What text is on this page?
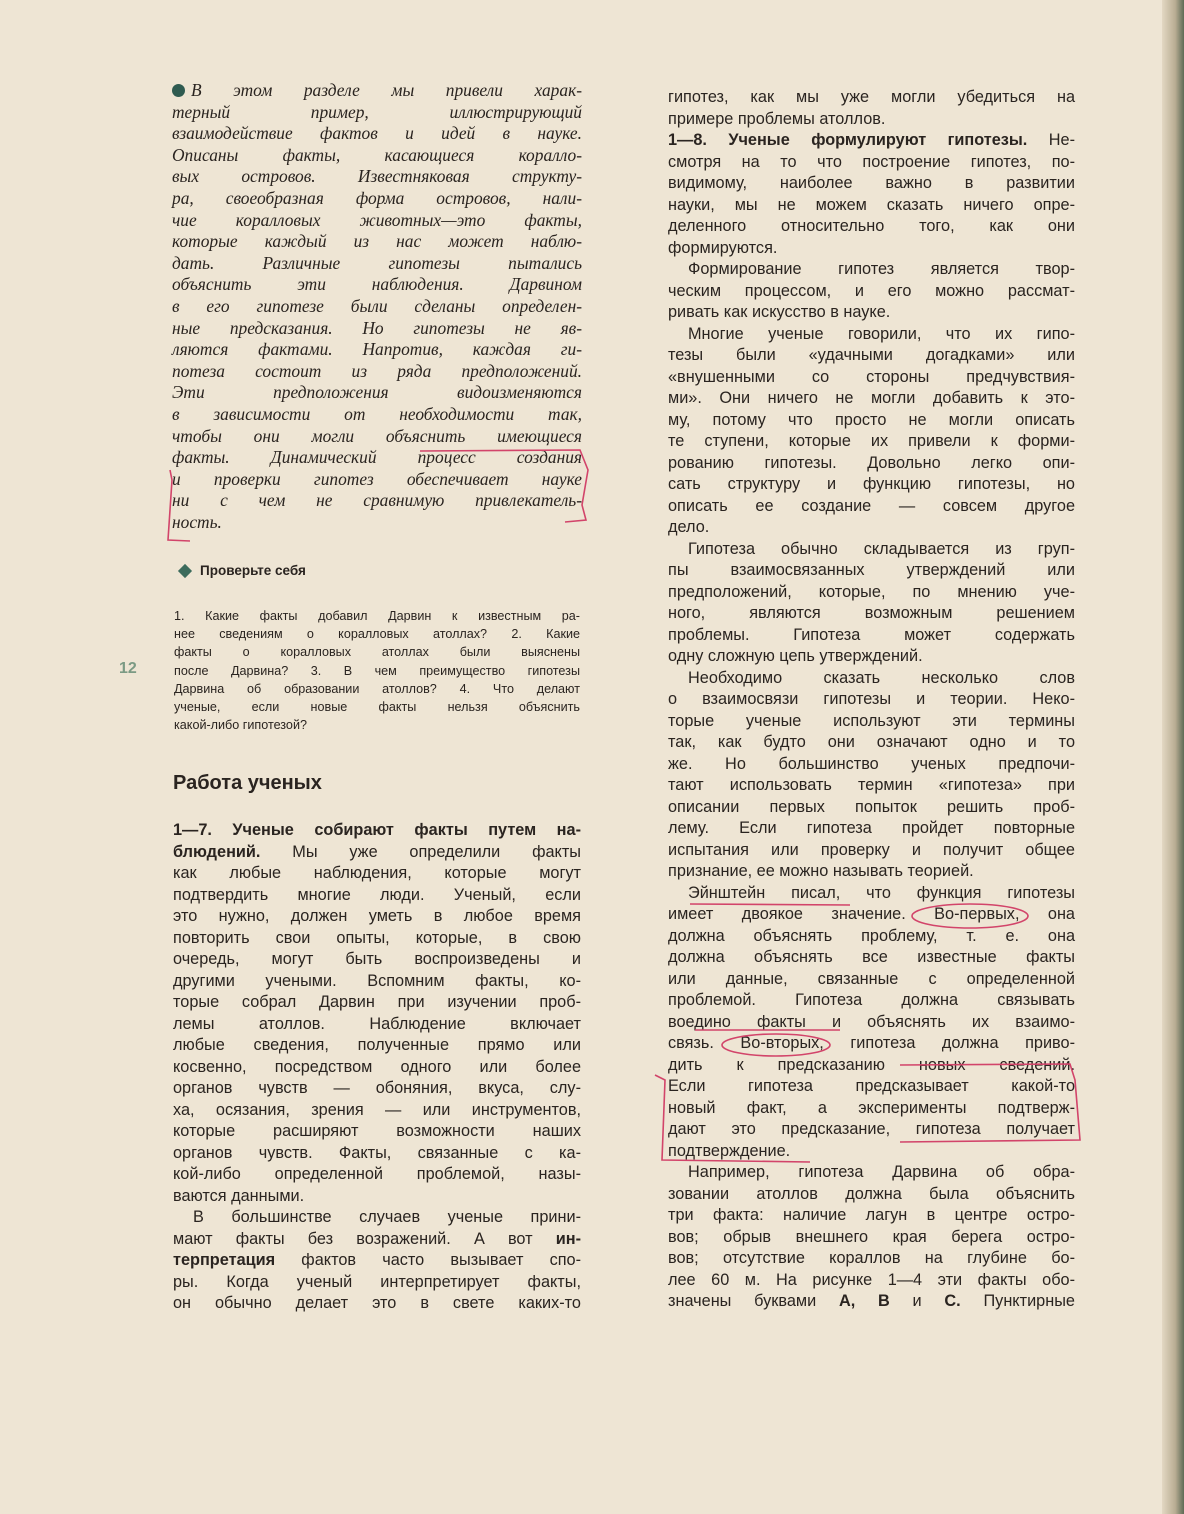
В этом разделе мы привели харак-
терный пример, иллюстрирующий
взаимодействие фактов и идей в науке.
Описаны факты, касающиеся коралло-
вых островов. Известняковая структу-
ра, своеобразная форма островов, нали-
чие коралловых животных—это факты,
которые каждый из нас может наблю-
дать. Различные гипотезы пытались
объяснить эти наблюдения. Дарвином
в его гипотезе были сделаны определен-
ные предсказания. Но гипотезы не яв-
ляются фактами. Напротив, каждая ги-
потеза состоит из ряда предположений.
Эти предположения видоизменяются
в зависимости от необходимости так,
чтобы они могли объяснить имеющиеся
факты. Динамический процесс создания
и проверки гипотез обеспечивает науке
ни с чем не сравнимую привлекатель-
ность.
Проверьте себя
1. Какие факты добавил Дарвин к известным ра-
нее сведениям о коралловых атоллах? 2. Какие
факты о коралловых атоллах были выяснены
после Дарвина? 3. В чем преимущество гипотезы
Дарвина об образовании атоллов? 4. Что делают
ученые, если новые факты нельзя объяснить
какой-либо гипотезой?
12
Работа ученых
1—7. Ученые собирают факты путем на-
блюдений. Мы уже определили факты
как любые наблюдения, которые могут
подтвердить многие люди. Ученый, если
это нужно, должен уметь в любое время
повторить свои опыты, которые, в свою
очередь, могут быть воспроизведены и
другими учеными. Вспомним факты, ко-
торые собрал Дарвин при изучении проб-
лемы атоллов. Наблюдение включает
любые сведения, полученные прямо или
косвенно, посредством одного или более
органов чувств — обоняния, вкуса, слу-
ха, осязания, зрения — или инструментов,
которые расширяют возможности наших
органов чувств. Факты, связанные с ка-
кой-либо определенной проблемой, назы-
ваются данными.
В большинстве случаев ученые прини-
мают факты без возражений. А вот ин-
терпретация фактов часто вызывает спо-
ры. Когда ученый интерпретирует факты,
он обычно делает это в свете каких-то
гипотез, как мы уже могли убедиться на
примере проблемы атоллов.
1—8. Ученые формулируют гипотезы. Не-
смотря на то что построение гипотез, по-
видимому, наиболее важно в развитии
науки, мы не можем сказать ничего опре-
деленного относительно того, как они
формируются.
Формирование гипотез является твор-
ческим процессом, и его можно рассмат-
ривать как искусство в науке.
Многие ученые говорили, что их гипо-
тезы были «удачными догадками» или
«внушенными со стороны предчувствия-
ми». Они ничего не могли добавить к это-
му, потому что просто не могли описать
те ступени, которые их привели к форми-
рованию гипотезы. Довольно легко опи-
сать структуру и функцию гипотезы, но
описать ее создание — совсем другое
дело.
Гипотеза обычно складывается из груп-
пы взаимосвязанных утверждений или
предположений, которые, по мнению уче-
ного, являются возможным решением
проблемы. Гипотеза может содержать
одну сложную цепь утверждений.
Необходимо сказать несколько слов
о взаимосвязи гипотезы и теории. Неко-
торые ученые используют эти термины
так, как будто они означают одно и то
же. Но большинство ученых предпочи-
тают использовать термин «гипотеза» при
описании первых попыток решить проб-
лему. Если гипотеза пройдет повторные
испытания или проверку и получит общее
признание, ее можно называть теорией.
Эйнштейн писал, что функция гипотезы
имеет двоякое значение. Во-первых, она
должна объяснять проблему, т. е. она
должна объяснять все известные факты
или данные, связанные с определенной
проблемой. Гипотеза должна связывать
воедино факты и объяснять их взаимо-
связь. Во-вторых, гипотеза должна приво-
дить к предсказанию новых сведений.
Если гипотеза предсказывает какой-то
новый факт, а эксперименты подтверж-
дают это предсказание, гипотеза получает
подтверждение.
Например, гипотеза Дарвина об обра-
зовании атоллов должна была объяснить
три факта: наличие лагун в центре остро-
вов; обрыв внешнего края берега остро-
вов; отсутствие кораллов на глубине бо-
лее 60 м. На рисунке 1—4 эти факты обо-
значены буквами А, В и С. Пунктирные
